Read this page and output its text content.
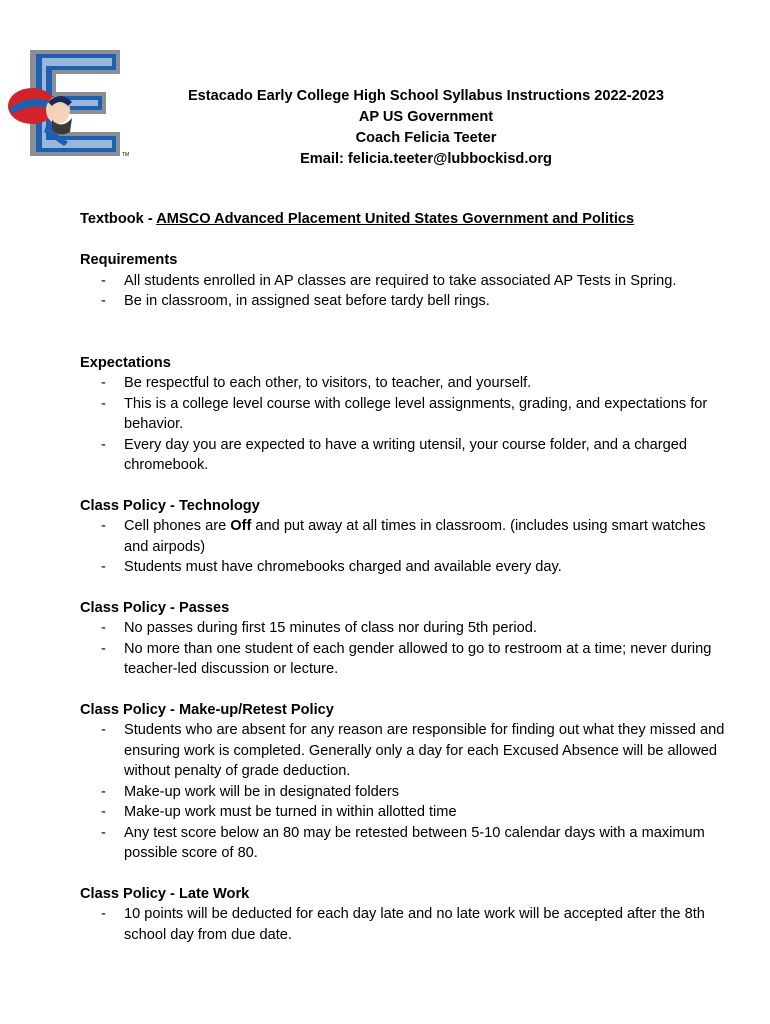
TM
Estacado Early College High School Syllabus Instructions 2022-2023
AP US Government
Coach Felicia Teeter
Email: felicia.teeter@lubbockisd.org

Textbook - AMSCO Advanced Placement United States Government and Politics

Requirements

- All students enrolled in AP classes are required to take associated AP Tests in Spring.
- Be in classroom, in assigned seat before tardy bell rings.

Expectations

- Be respectful to each other, to visitors, to teacher, and yourself.
- This is a college level course with college level assignments, grading, and expectations for behavior.
- Every day you are expected to have a writing utensil, your course folder, and a charged chromebook.

Class Policy - Technology

- Cell phones are Off and put away at all times in classroom. (includes using smart watches and airpods)
- Students must have chromebooks charged and available every day.

Class Policy - Passes

- No passes during first 15 minutes of class nor during 5th period.
- No more than one student of each gender allowed to go to restroom at a time; never during teacher-led discussion or lecture.

Class Policy - Make-up/Retest Policy

- Students who are absent for any reason are responsible for finding out what they missed and ensuring work is completed. Generally only a day for each Excused Absence will be allowed without penalty of grade deduction.
- Make-up work will be in designated folders
- Make-up work must be turned in within allotted time
- Any test score below an 80 may be retested between 5-10 calendar days with a maximum possible score of 80.

Class Policy - Late Work

- 10 points will be deducted for each day late and no late work will be accepted after the 8th school day from due date.
